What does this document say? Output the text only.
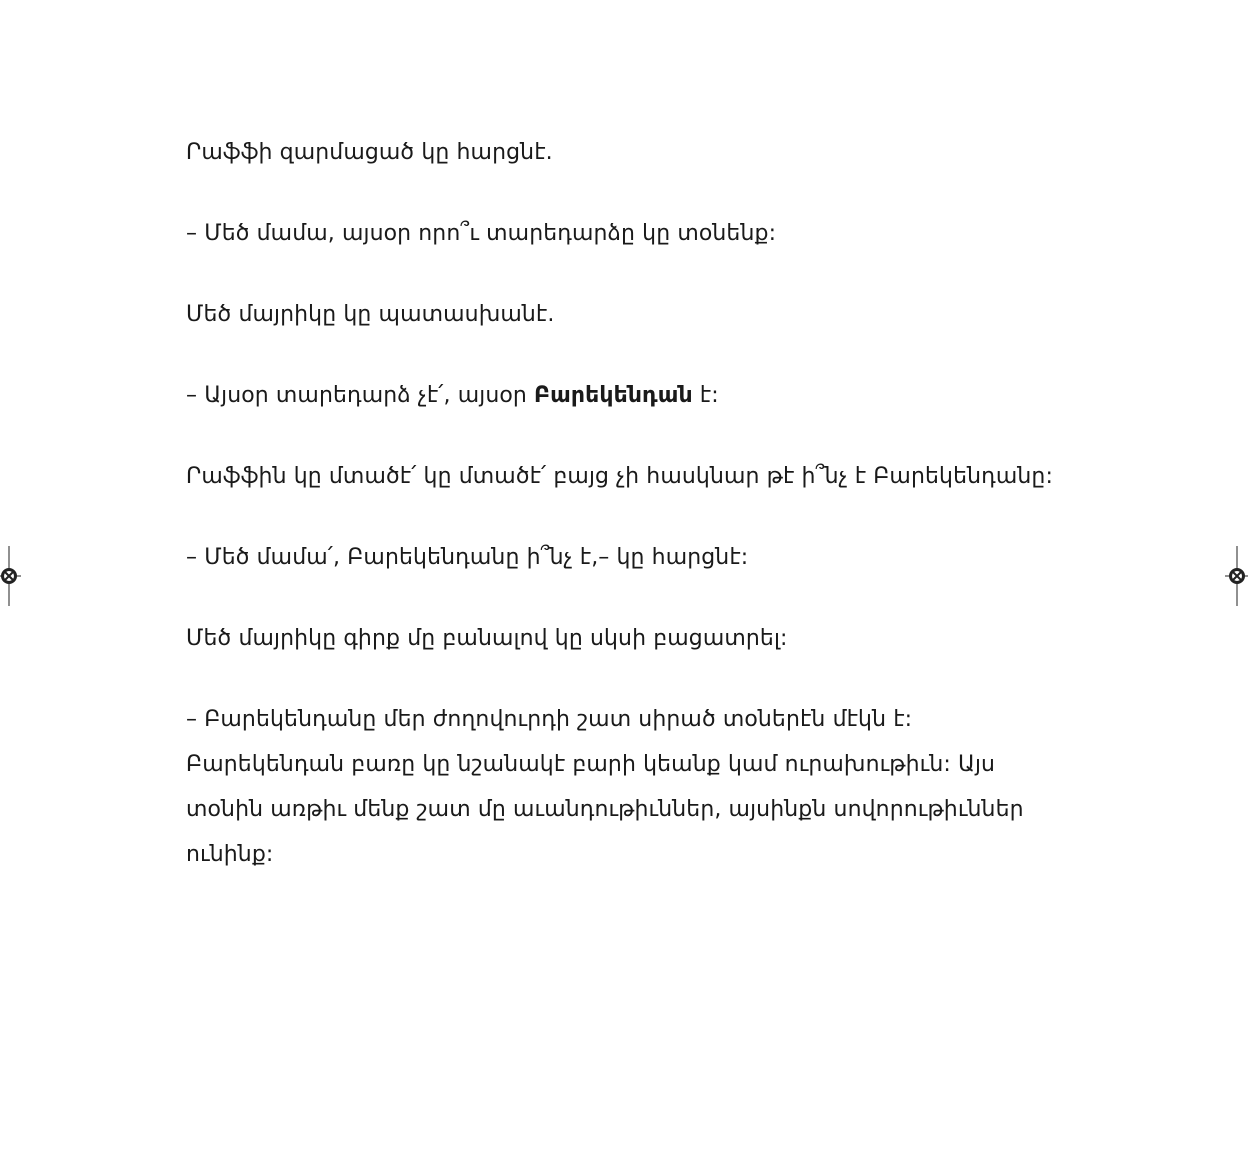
Րաֆֆի զարմացած կը հարցնէ.

– Մեծ մամա, այսօր որո՞ւ տարեդարձը կը տօնենք:

Մեծ մայրիկը կը պատասխանէ.

– Այսօր տարեդարձ չէ՛, այսօր Բարեկենդան է:

Րաֆֆին կը մտածէ՛ կը մտածէ՛ բայց չի հասկնար թէ ի՞նչ է Բարեկենդանը:

– Մեծ մամա՛, Բարեկենդանը ի՞նչ է,– կը հարցնէ:

Մեծ մայրիկը գիրք մը բանալով կը սկսի բացատրել:

– Բարեկենդանը մեր ժողովուրդի շատ սիրած տօներէն մէկն է: Բարեկենդան բառը կը նշանակէ բարի կեանք կամ ուրախութիւն: Այս տօնին առթիւ մենք շատ մը աւանդութիւններ, այսինքն սովորութիւններ ունինք:
